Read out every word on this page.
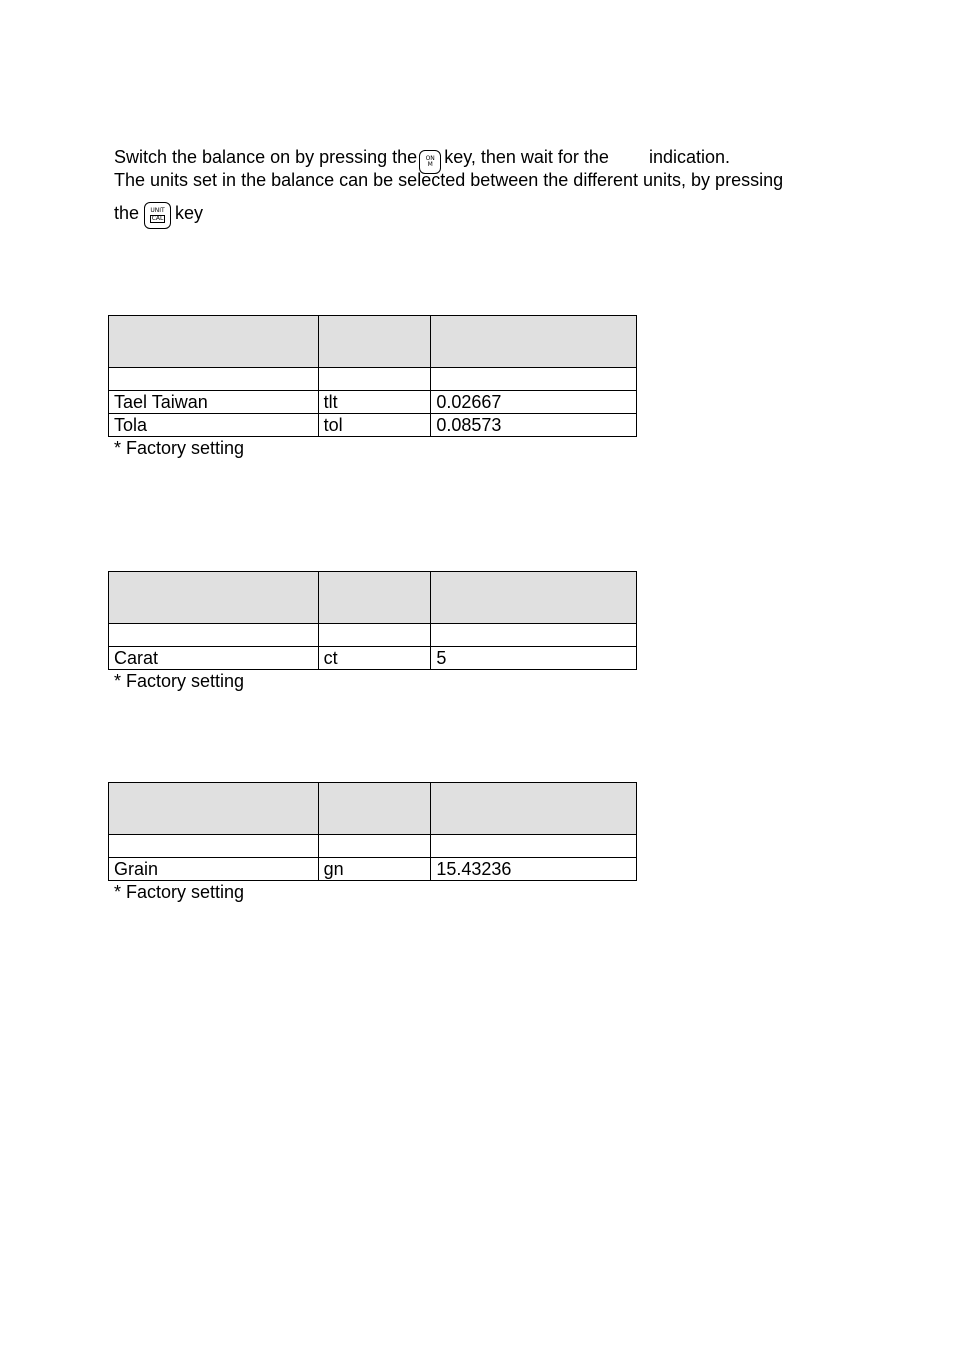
Switch the balance on by pressing the	ON
M key, then wait for the indication.
The units set in the balance can be selected between the different units, by pressing
the	UNIT
CAL key

Tael Taiwan	tlt	0.02667
Tola	tol	0.08573
* Factory setting

Carat	ct	5
* Factory setting

Grain	gn	15.43236
* Factory setting
